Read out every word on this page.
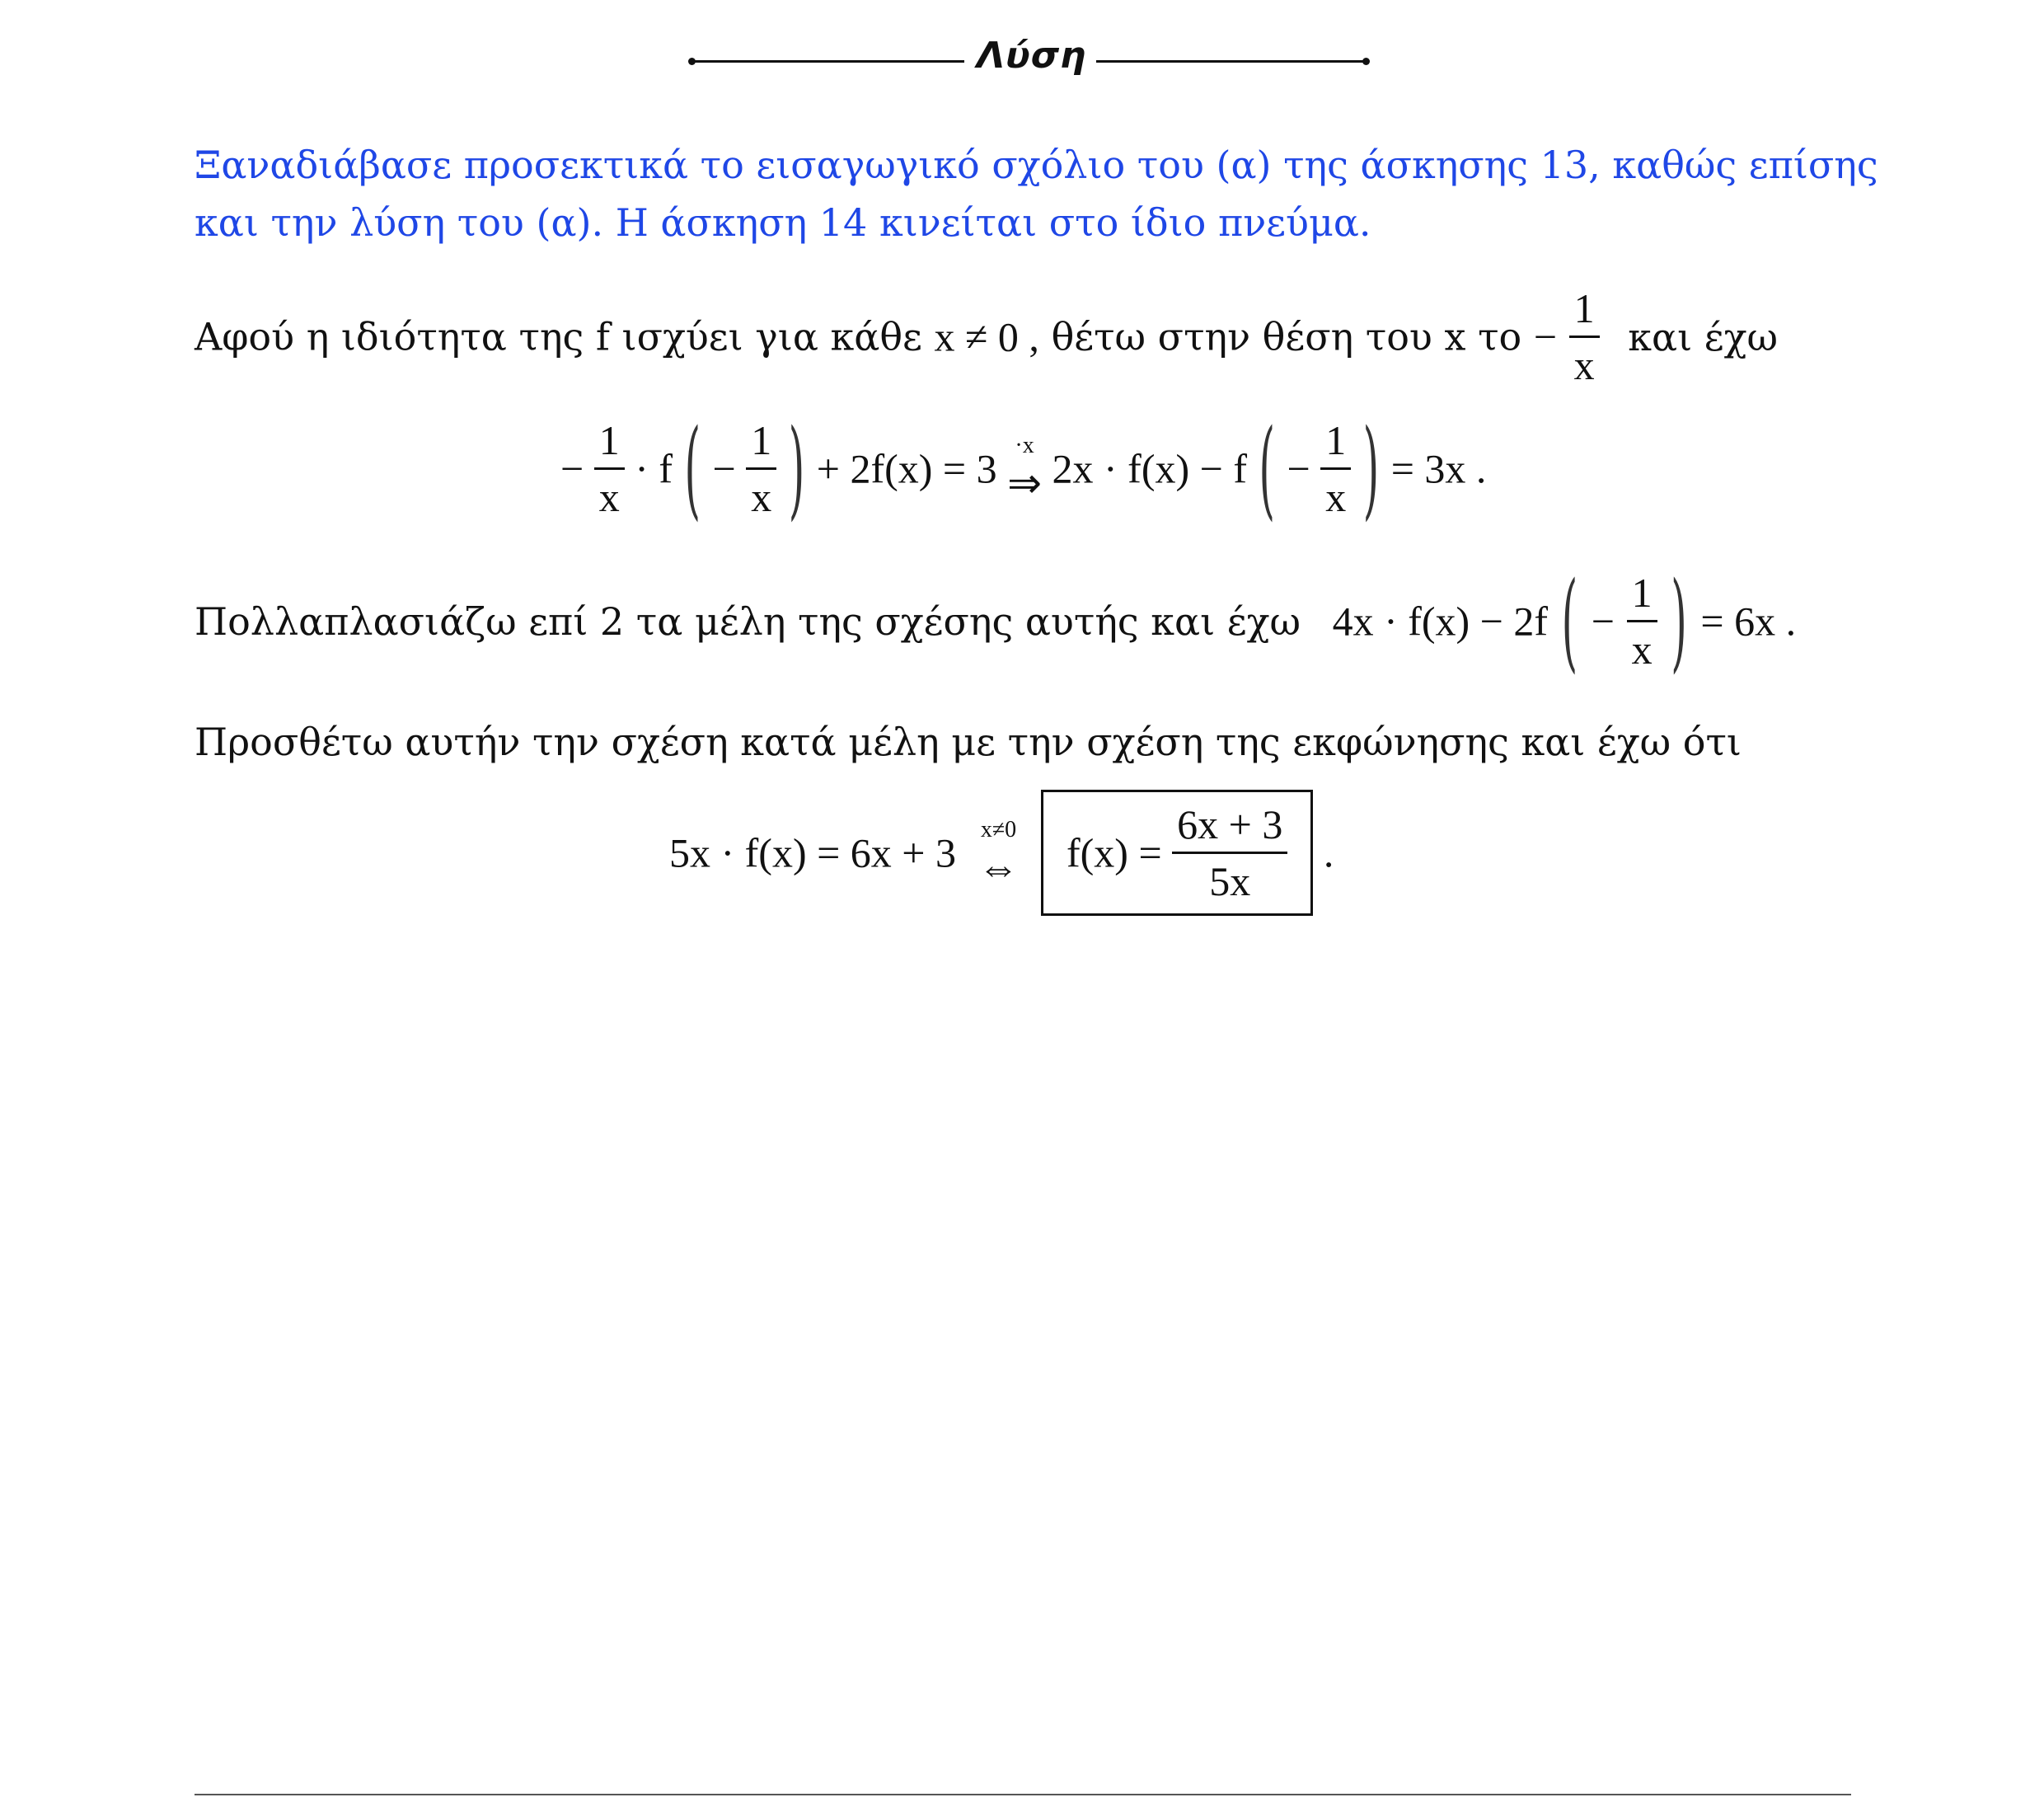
Λύση
Ξαναδιάβασε προσεκτικά το εισαγωγικό σχόλιο του (α) της άσκησης 13, καθώς επίσης
και την λύση του (α). Η άσκηση 14 κινείται στο ίδιο πνεύμα.
Αφού η ιδιότητα της f ισχύει για κάθε x ≠ 0 , θέτω στην θέση του x $\tau o - \frac{1}{x}$ και έχω
− $\frac{1}{x} \cdot f$ ( − $\frac{1}{x}$ ) + 2f(x) = 3
·x
⇒ 2x · f(x) − f ( − $\frac{1}{x}$ ) = 3x .
Πολλαπλασιάζω επί 2 τα μέλη της σχέσης αυτής και έχω 4x · f(x) − 2f ( − $\frac{1}{x}$ ) = 6x .
Προσθέτω αυτήν την σχέση κατά μέλη με την σχέση της εκφώνησης και έχω ότι
5x · f(x) = 6x + 3
x≠0
⇔ $f(x) = \frac{6x + 3}{5x}$ .
